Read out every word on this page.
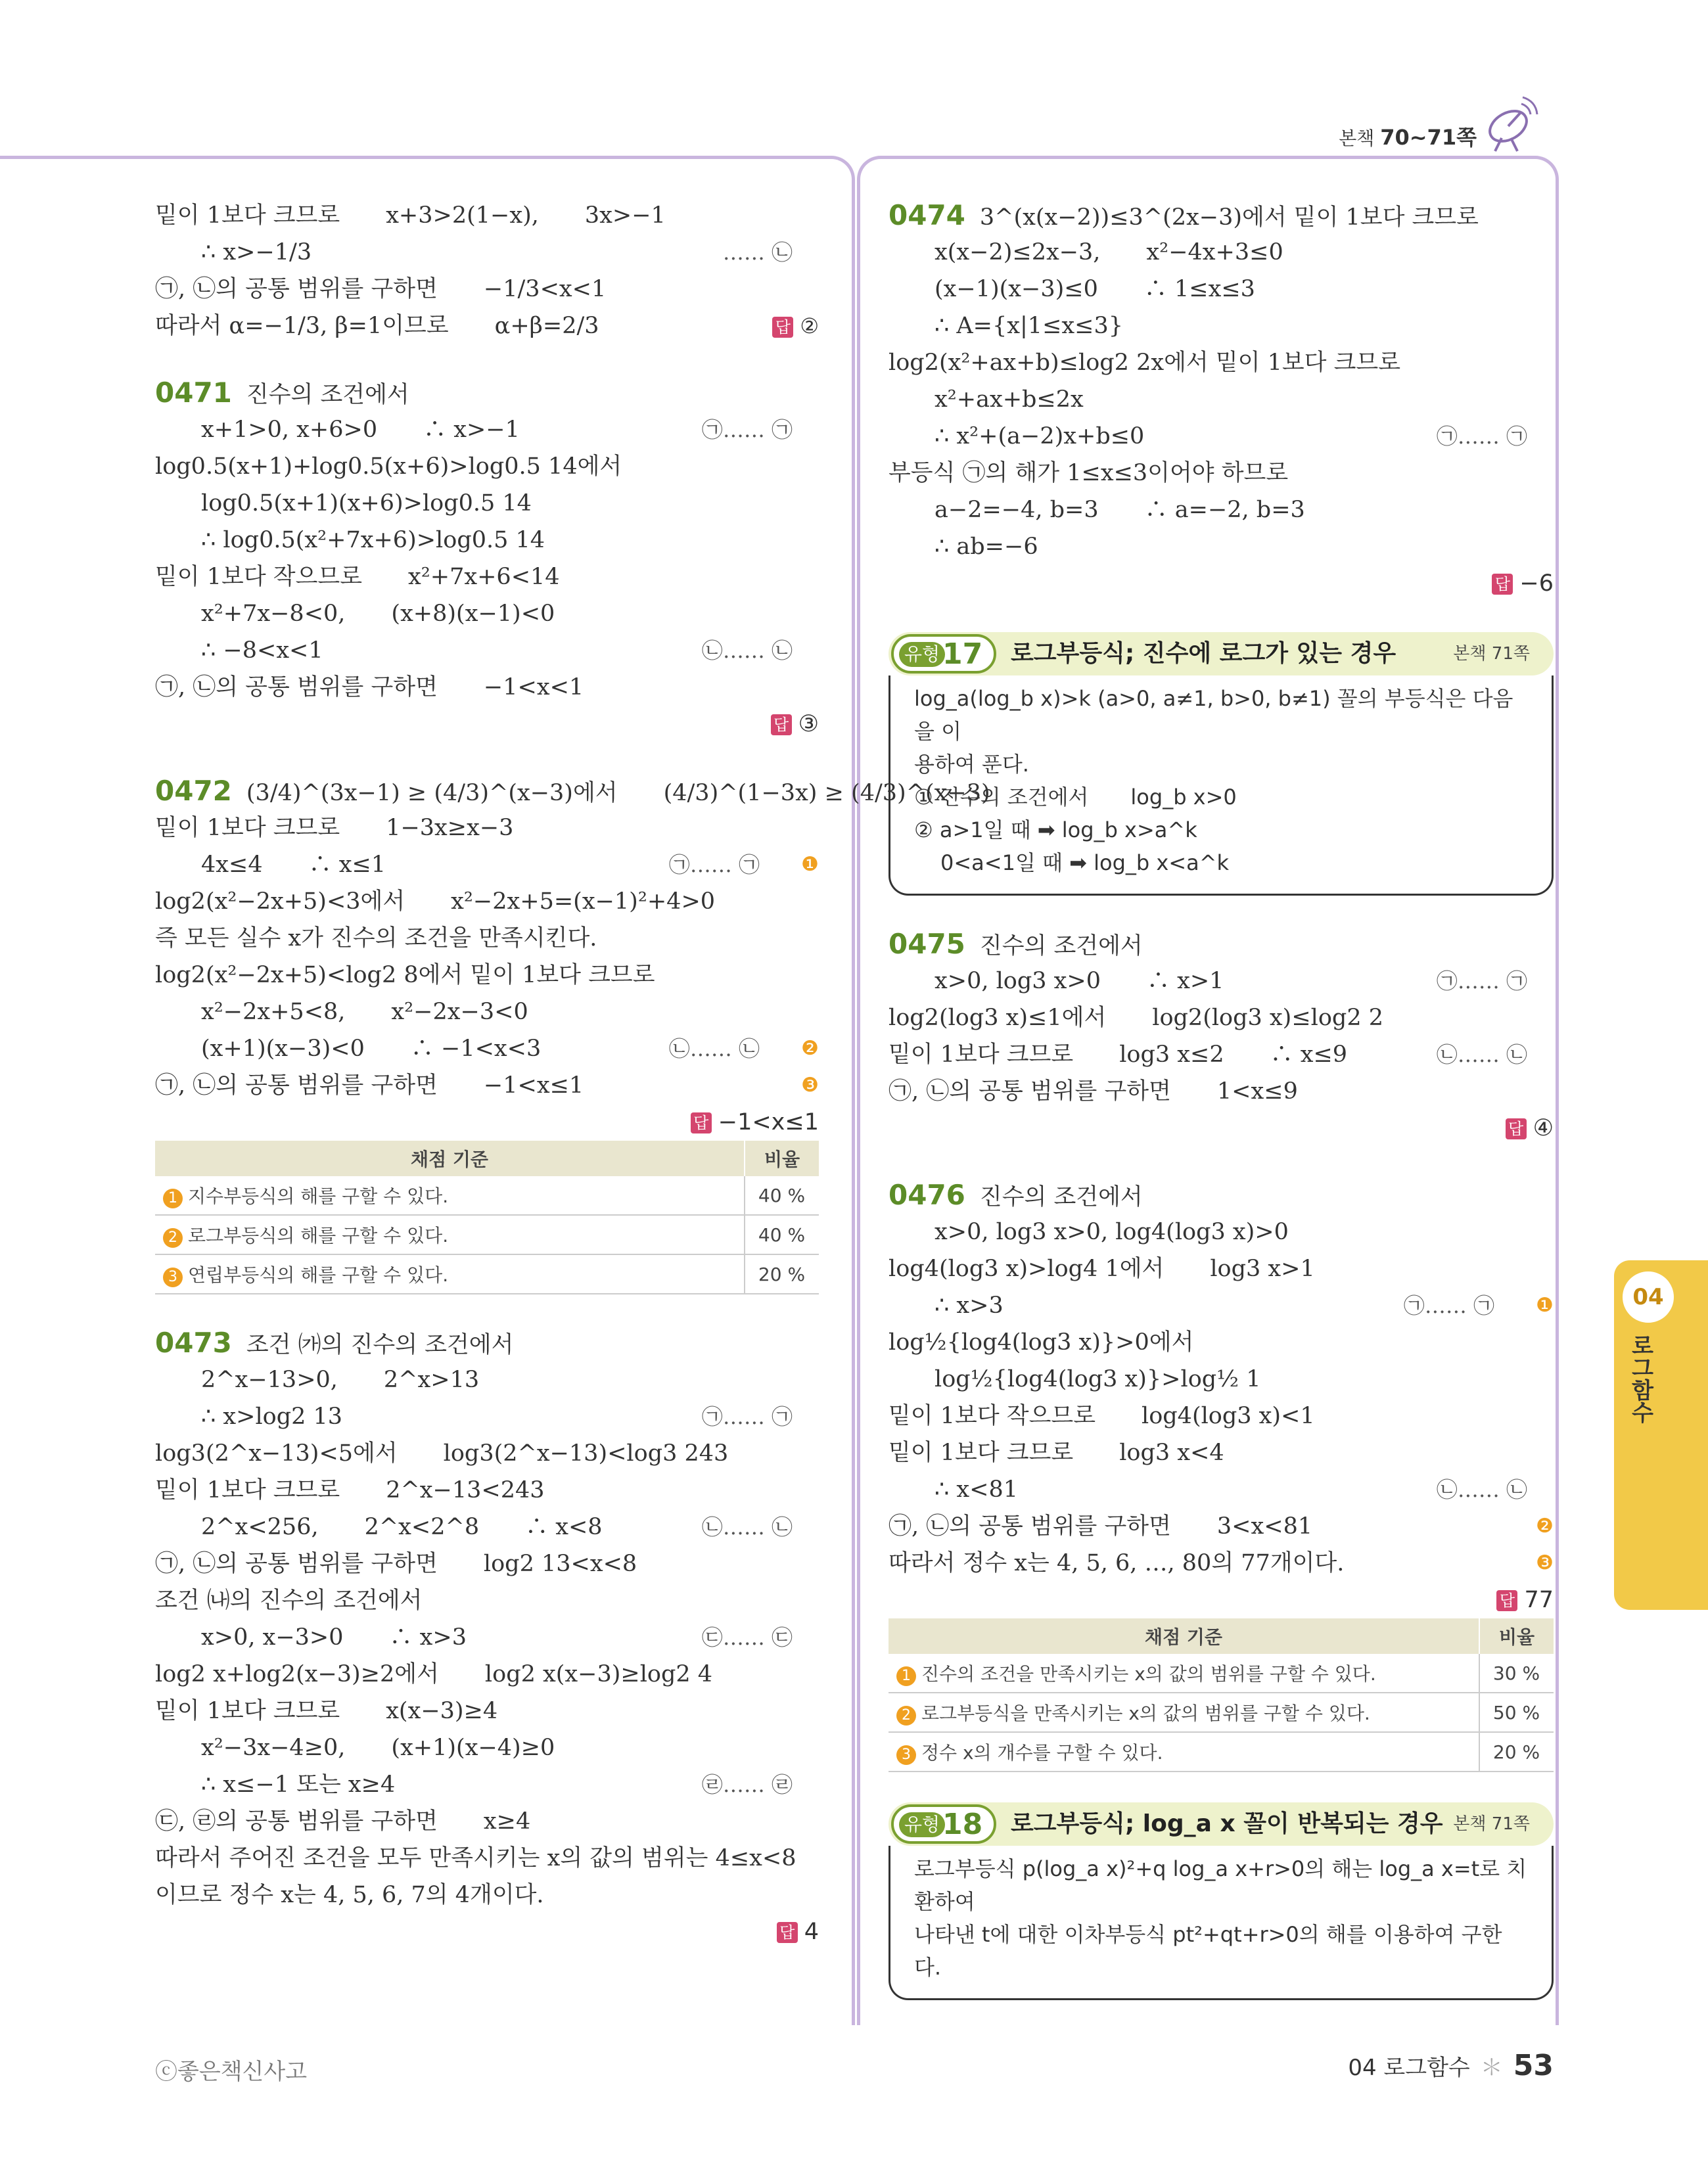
본책 70~71쪽
밑이 1보다 크므로　　x+3>2(1−x),　　3x>−1
∴ x>−1/3	…… ㉡
㉠, ㉡의 공통 범위를 구하면　　−1/3<x<1
따라서 α=−1/3, β=1이므로　　α+β=2/3	답 ②
0471 진수의 조건에서
x+1>0, x+6>0　　∴ x>−1	㉠…… ㉠
log0.5(x+1)+log0.5(x+6)>log0.5 14에서
log0.5(x+1)(x+6)>log0.5 14
∴ log0.5(x²+7x+6)>log0.5 14
밑이 1보다 작으므로　　x²+7x+6<14
x²+7x−8<0,　　(x+8)(x−1)<0
∴ −8<x<1	㉡…… ㉡
㉠, ㉡의 공통 범위를 구하면　　−1<x<1
답 ③
0472 (3/4)^(3x−1) ≥ (4/3)^(x−3)에서　　(4/3)^(1−3x) ≥ (4/3)^(x−3)
밑이 1보다 크므로　　1−3x≥x−3
4x≤4　　∴ x≤1	㉠…… ㉠ ❶
log2(x²−2x+5)<3에서　　x²−2x+5=(x−1)²+4>0
즉 모든 실수 x가 진수의 조건을 만족시킨다.
log2(x²−2x+5)<log2 8에서 밑이 1보다 크므로
x²−2x+5<8,　　x²−2x−3<0
(x+1)(x−3)<0　　∴ −1<x<3	㉡…… ㉡ ❷
㉠, ㉡의 공통 범위를 구하면　　−1<x≤1	❸
답 −1<x≤1
채점 기준	비율
1 지수부등식의 해를 구할 수 있다.	40 %
2 로그부등식의 해를 구할 수 있다.	40 %
3 연립부등식의 해를 구할 수 있다.	20 %
0473 조건 ㈎의 진수의 조건에서
2^x−13>0,　　2^x>13
∴ x>log2 13	㉠…… ㉠
log3(2^x−13)<5에서　　log3(2^x−13)<log3 243
밑이 1보다 크므로　　2^x−13<243
2^x<256,　　2^x<2^8　　∴ x<8	㉡…… ㉡
㉠, ㉡의 공통 범위를 구하면　　log2 13<x<8
조건 ㈏의 진수의 조건에서
x>0, x−3>0　　∴ x>3	㉢…… ㉢
log2 x+log2(x−3)≥2에서　　log2 x(x−3)≥log2 4
밑이 1보다 크므로　　x(x−3)≥4
x²−3x−4≥0,　　(x+1)(x−4)≥0
∴ x≤−1 또는 x≥4	㉣…… ㉣
㉢, ㉣의 공통 범위를 구하면　　x≥4
따라서 주어진 조건을 모두 만족시키는 x의 값의 범위는 4≤x<8
이므로 정수 x는 4, 5, 6, 7의 4개이다.
답 4
0474 3^(x(x−2))≤3^(2x−3)에서 밑이 1보다 크므로
x(x−2)≤2x−3,　　x²−4x+3≤0
(x−1)(x−3)≤0　　∴ 1≤x≤3
∴ A={x|1≤x≤3}
log2(x²+ax+b)≤log2 2x에서 밑이 1보다 크므로
x²+ax+b≤2x
∴ x²+(a−2)x+b≤0	㉠…… ㉠
부등식 ㉠의 해가 1≤x≤3이어야 하므로
a−2=−4, b=3　　∴ a=−2, b=3
∴ ab=−6
답 −6
유형 17 로그부등식; 진수에 로그가 있는 경우	본책 71쪽
log_a(log_b x)>k (a>0, a≠1, b>0, b≠1) 꼴의 부등식은 다음을 이
용하여 푼다.
① 진수의 조건에서　　log_b x>0
② a>1일 때 ➡ log_b x>a^k
0<a<1일 때 ➡ log_b x<a^k
0475 진수의 조건에서
x>0, log3 x>0　　∴ x>1	㉠…… ㉠
log2(log3 x)≤1에서　　log2(log3 x)≤log2 2
밑이 1보다 크므로　　log3 x≤2　　∴ x≤9	㉡…… ㉡
㉠, ㉡의 공통 범위를 구하면　　1<x≤9
답 ④
0476 진수의 조건에서
x>0, log3 x>0, log4(log3 x)>0
log4(log3 x)>log4 1에서　　log3 x>1
∴ x>3	㉠…… ㉠ ❶
log½{log4(log3 x)}>0에서
log½{log4(log3 x)}>log½ 1
밑이 1보다 작으므로　　log4(log3 x)<1
밑이 1보다 크므로　　log3 x<4
∴ x<81	㉡…… ㉡
㉠, ㉡의 공통 범위를 구하면　　3<x<81	❷
따라서 정수 x는 4, 5, 6, …, 80의 77개이다.	❸
답 77
채점 기준	비율
1 진수의 조건을 만족시키는 x의 값의 범위를 구할 수 있다.	30 %
2 로그부등식을 만족시키는 x의 값의 범위를 구할 수 있다.	50 %
3 정수 x의 개수를 구할 수 있다.	20 %
유형 18 로그부등식; log_a x 꼴이 반복되는 경우 본책 71쪽
로그부등식 p(log_a x)²+q log_a x+r>0의 해는 log_a x=t로 치환하여
나타낸 t에 대한 이차부등식 pt²+qt+r>0의 해를 이용하여 구한다.
04
로그함수
ⓒ좋은책신사고	04 로그함수 ＊ 53
